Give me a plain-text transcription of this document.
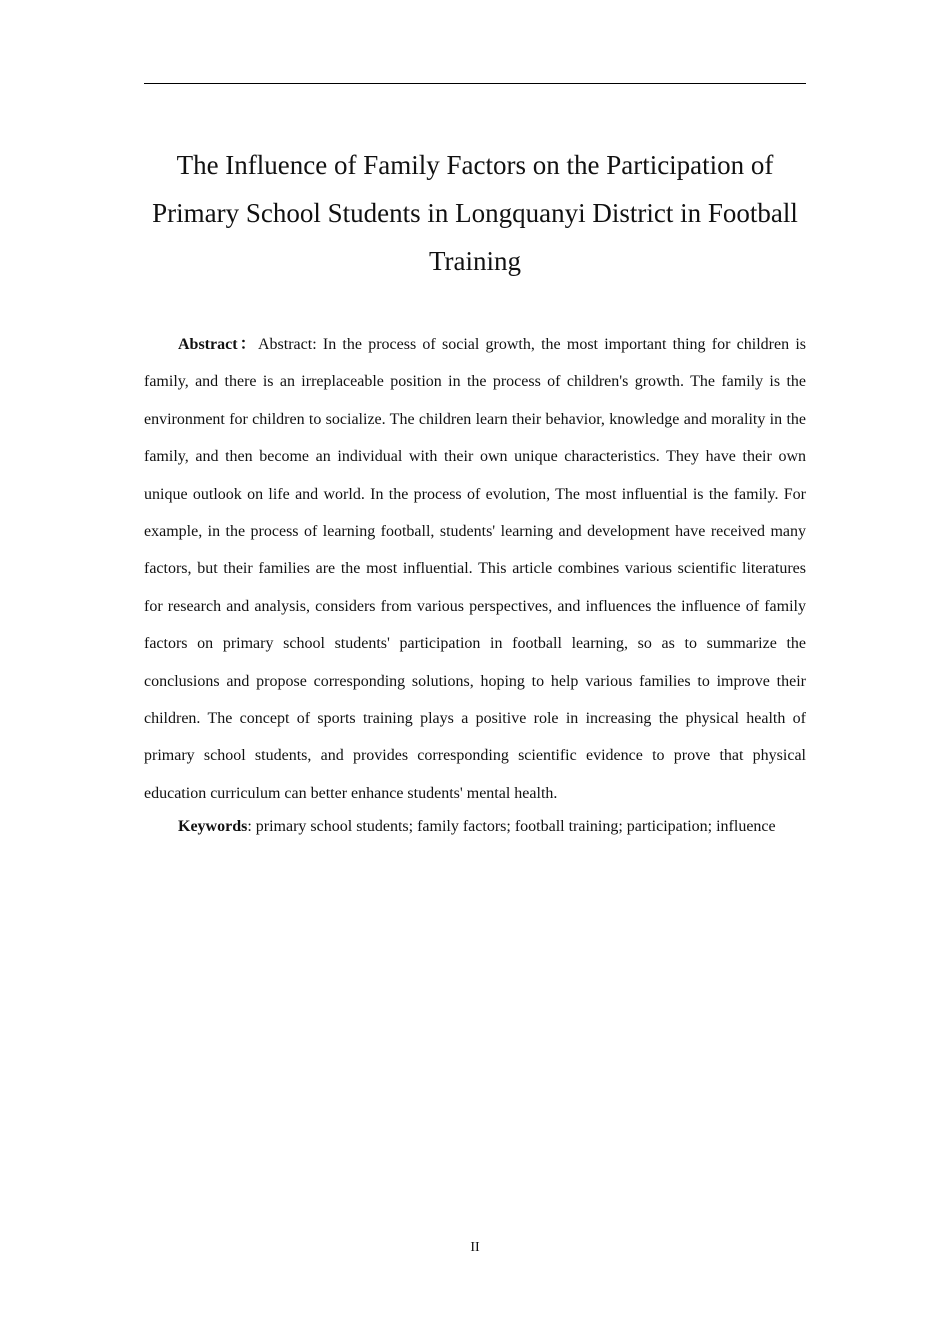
The Influence of Family Factors on the Participation of Primary School Students in Longquanyi District in Football Training

Abstract：Abstract: In the process of social growth, the most important thing for children is family, and there is an irreplaceable position in the process of children's growth. The family is the environment for children to socialize. The children learn their behavior, knowledge and morality in the family, and then become an individual with their own unique characteristics. They have their own unique outlook on life and world. In the process of evolution, The most influential is the family. For example, in the process of learning football, students' learning and development have received many factors, but their families are the most influential. This article combines various scientific literatures for research and analysis, considers from various perspectives, and influences the influence of family factors on primary school students' participation in football learning, so as to summarize the conclusions and propose corresponding solutions, hoping to help various families to improve their children. The concept of sports training plays a positive role in increasing the physical health of primary school students, and provides corresponding scientific evidence to prove that physical education curriculum can better enhance students' mental health.

Keywords: primary school students; family factors; football training; participation; influence

II
